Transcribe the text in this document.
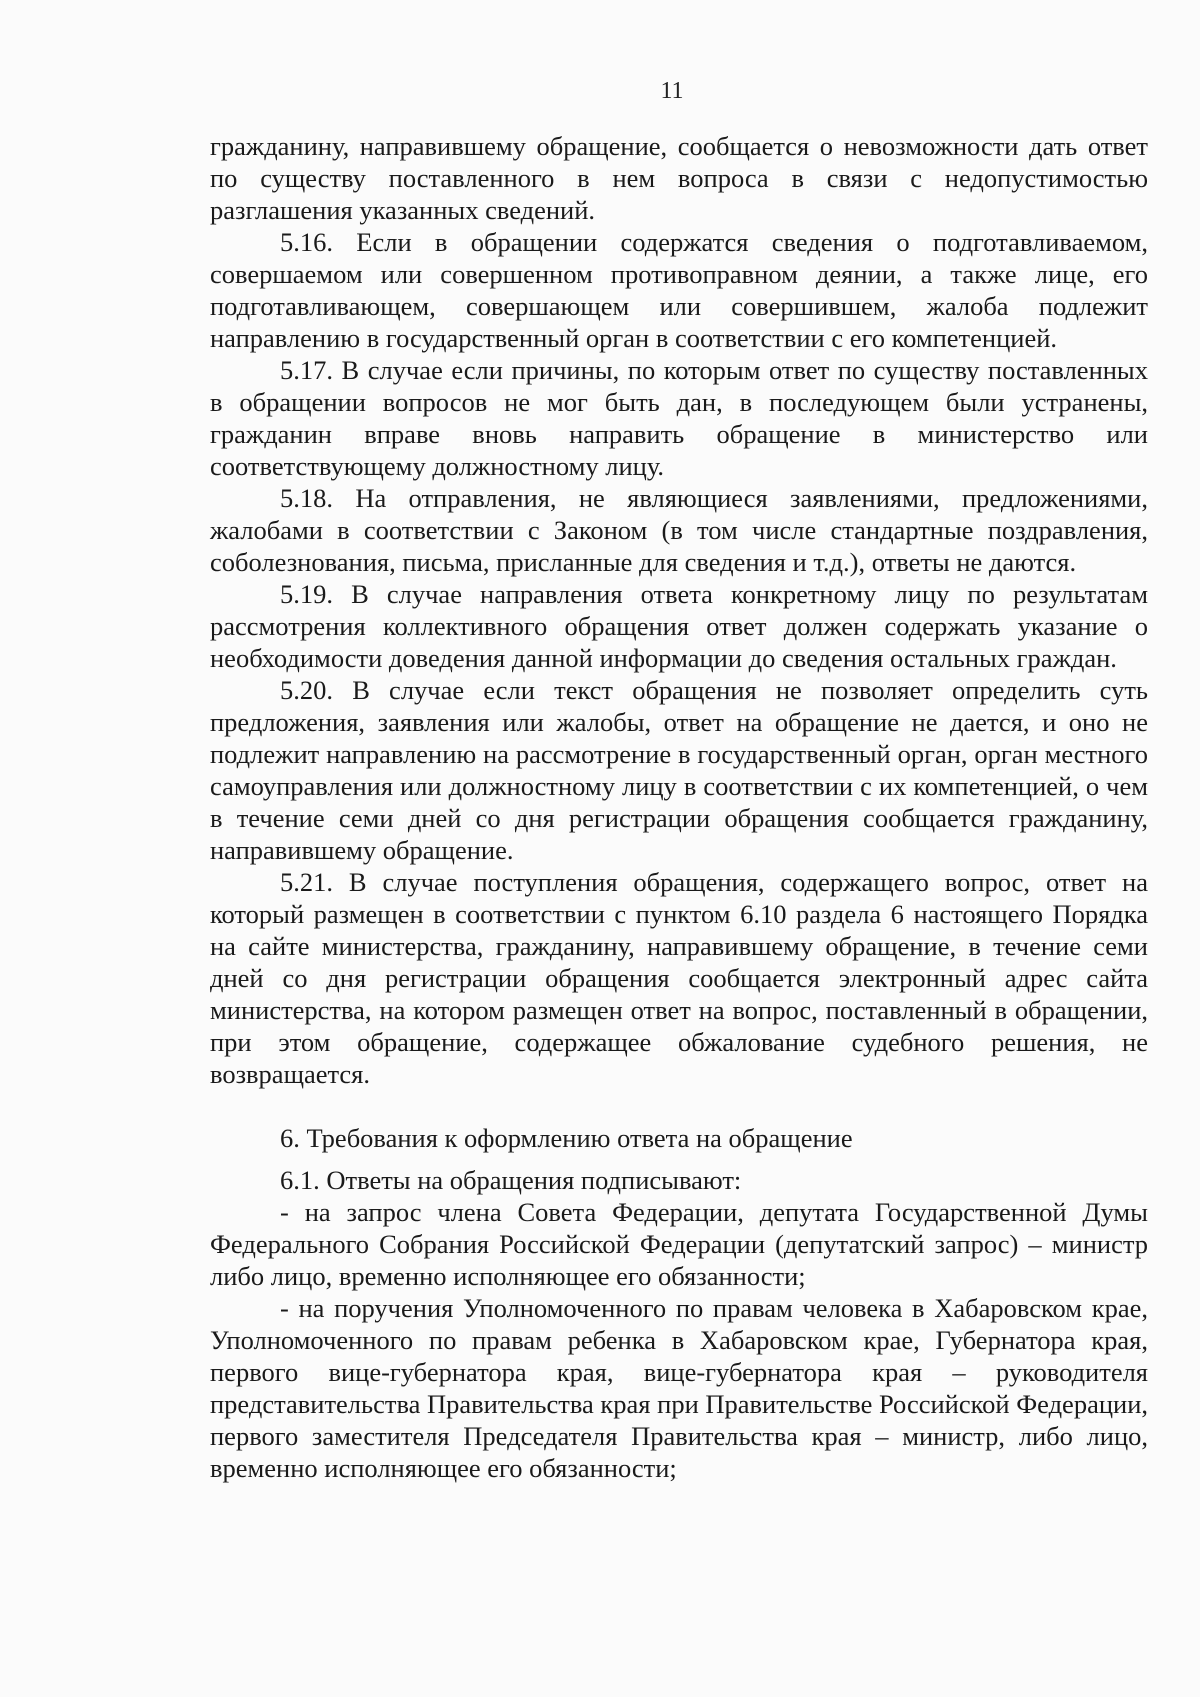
11

гражданину, направившему обращение, сообщается о невозможности дать ответ по существу поставленного в нем вопроса в связи с недопустимостью разглашения указанных сведений.

5.16. Если в обращении содержатся сведения о подготавливаемом, совершаемом или совершенном противоправном деянии, а также лице, его подготавливающем, совершающем или совершившем, жалоба подлежит направлению в государственный орган в соответствии с его компетенцией.

5.17. В случае если причины, по которым ответ по существу поставленных в обращении вопросов не мог быть дан, в последующем были устранены, гражданин вправе вновь направить обращение в министерство или соответствующему должностному лицу.

5.18. На отправления, не являющиеся заявлениями, предложениями, жалобами в соответствии с Законом (в том числе стандартные поздравления, соболезнования, письма, присланные для сведения и т.д.), ответы не даются.

5.19. В случае направления ответа конкретному лицу по результатам рассмотрения коллективного обращения ответ должен содержать указание о необходимости доведения данной информации до сведения остальных граждан.

5.20. В случае если текст обращения не позволяет определить суть предложения, заявления или жалобы, ответ на обращение не дается, и оно не подлежит направлению на рассмотрение в государственный орган, орган местного самоуправления или должностному лицу в соответствии с их компетенцией, о чем в течение семи дней со дня регистрации обращения сообщается гражданину, направившему обращение.

5.21. В случае поступления обращения, содержащего вопрос, ответ на который размещен в соответствии с пунктом 6.10 раздела 6 настоящего Порядка на сайте министерства, гражданину, направившему обращение, в течение семи дней со дня регистрации обращения сообщается электронный адрес сайта министерства, на котором размещен ответ на вопрос, поставленный в обращении, при этом обращение, содержащее обжалование судебного решения, не возвращается.

6. Требования к оформлению ответа на обращение

6.1. Ответы на обращения подписывают:

- на запрос члена Совета Федерации, депутата Государственной Думы Федерального Собрания Российской Федерации (депутатский запрос) – министр либо лицо, временно исполняющее его обязанности;

- на поручения Уполномоченного по правам человека в Хабаровском крае, Уполномоченного по правам ребенка в Хабаровском крае, Губернатора края, первого вице-губернатора края, вице-губернатора края – руководителя представительства Правительства края при Правительстве Российской Федерации, первого заместителя Председателя Правительства края – министр, либо лицо, временно исполняющее его обязанности;
